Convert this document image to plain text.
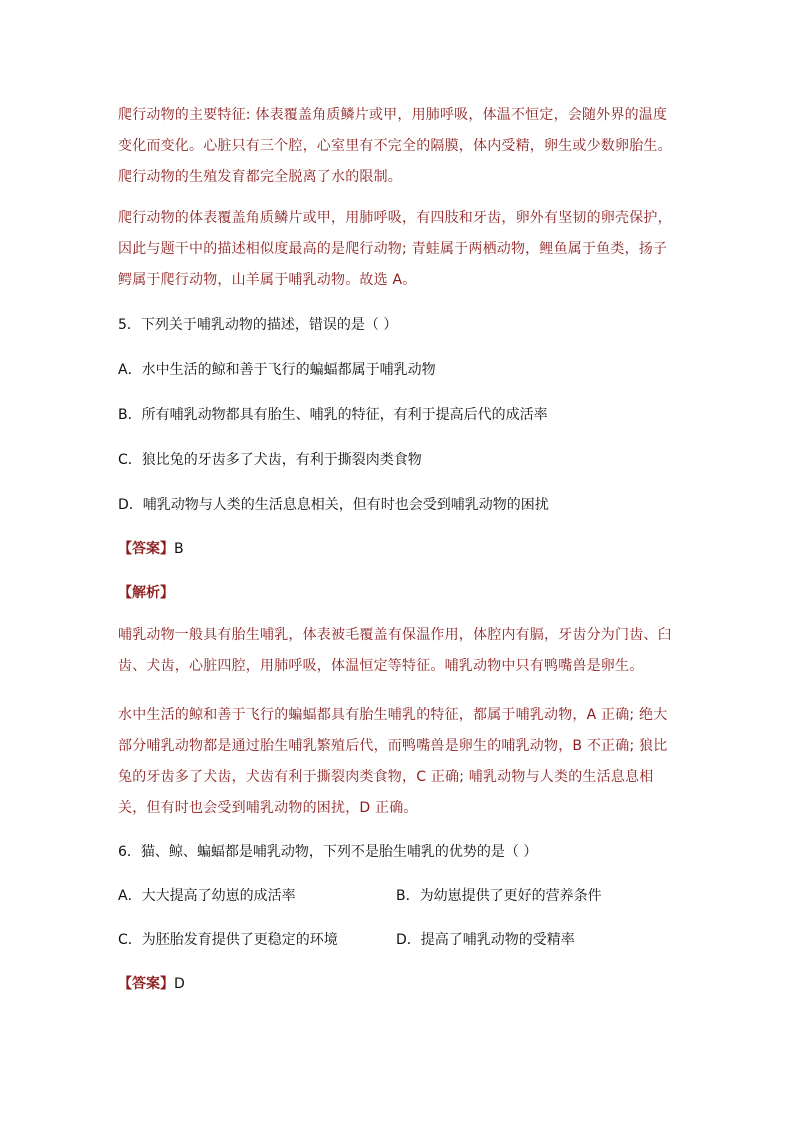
爬行动物的主要特征: 体表覆盖角质鳞片或甲，用肺呼吸，体温不恒定，会随外界的温度变化而变化。心脏只有三个腔，心室里有不完全的隔膜，体内受精，卵生或少数卵胎生。爬行动物的生殖发育都完全脱离了水的限制。

爬行动物的体表覆盖角质鳞片或甲，用肺呼吸，有四肢和牙齿，卵外有坚韧的卵壳保护，因此与题干中的描述相似度最高的是爬行动物; 青蛙属于两栖动物，鲤鱼属于鱼类，扬子鳄属于爬行动物，山羊属于哺乳动物。故选 A。

5．下列关于哺乳动物的描述，错误的是（ ）

A．水中生活的鲸和善于飞行的蝙蝠都属于哺乳动物

B．所有哺乳动物都具有胎生、哺乳的特征，有利于提高后代的成活率

C．狼比兔的牙齿多了犬齿，有利于撕裂肉类食物

D．哺乳动物与人类的生活息息相关，但有时也会受到哺乳动物的困扰

【答案】B

【解析】

哺乳动物一般具有胎生哺乳，体表被毛覆盖有保温作用，体腔内有膈，牙齿分为门齿、臼齿、犬齿，心脏四腔，用肺呼吸，体温恒定等特征。哺乳动物中只有鸭嘴兽是卵生。

水中生活的鲸和善于飞行的蝙蝠都具有胎生哺乳的特征，都属于哺乳动物，A 正确; 绝大部分哺乳动物都是通过胎生哺乳繁殖后代，而鸭嘴兽是卵生的哺乳动物，B 不正确; 狼比兔的牙齿多了犬齿，犬齿有利于撕裂肉类食物，C 正确; 哺乳动物与人类的生活息息相关，但有时也会受到哺乳动物的困扰，D 正确。

6．猫、鲸、蝙蝠都是哺乳动物，下列不是胎生哺乳的优势的是（ ）

A．大大提高了幼崽的成活率	B．为幼崽提供了更好的营养条件
C．为胚胎发育提供了更稳定的环境	D．提高了哺乳动物的受精率

【答案】D
